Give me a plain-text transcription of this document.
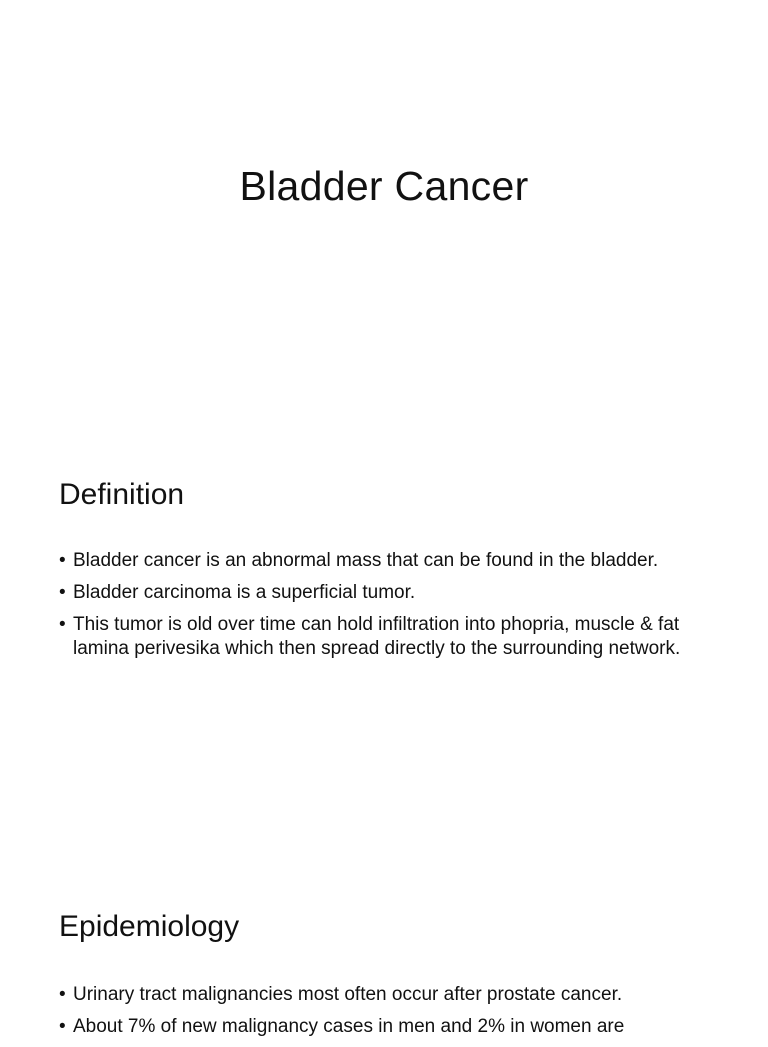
Bladder Cancer
Definition
• Bladder cancer is an abnormal mass that can be found in the bladder.
• Bladder carcinoma is a superficial tumor.
• This tumor is old over time can hold infiltration into phopria, muscle & fat lamina perivesika which then spread directly to the surrounding network.
Epidemiology
• Urinary tract malignancies most often occur after prostate cancer.
• About 7% of new malignancy cases in men and 2% in women are
